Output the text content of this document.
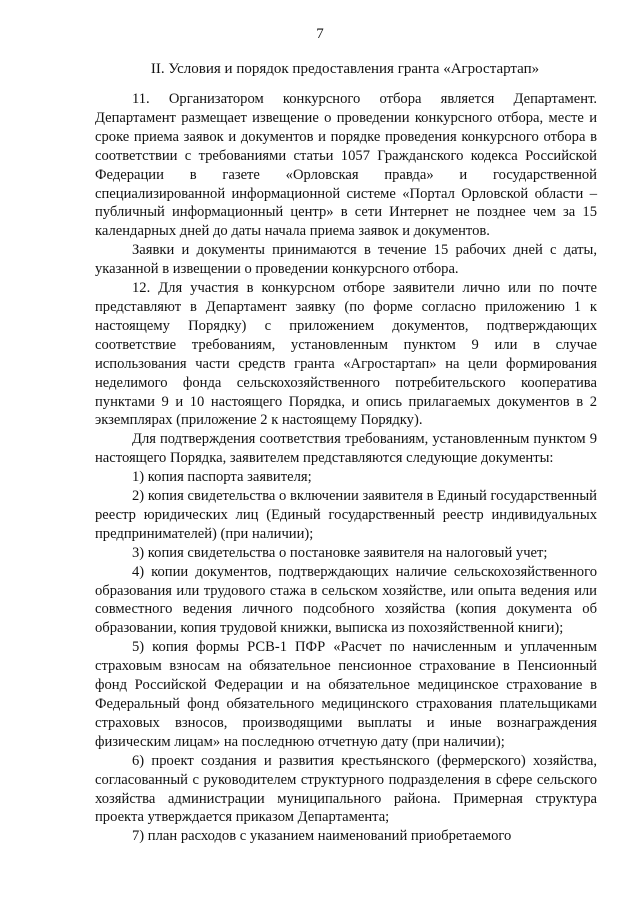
7
II. Условия и порядок предоставления гранта «Агростартап»

11. Организатором конкурсного отбора является Департамент. Департамент размещает извещение о проведении конкурсного отбора, месте и сроке приема заявок и документов и порядке проведения конкурсного отбора в соответствии с требованиями статьи 1057 Гражданского кодекса Российской Федерации в газете «Орловская правда» и государственной специализированной информационной системе «Портал Орловской области – публичный информационный центр» в сети Интернет не позднее чем за 15 календарных дней до даты начала приема заявок и документов.

Заявки и документы принимаются в течение 15 рабочих дней с даты, указанной в извещении о проведении конкурсного отбора.

12. Для участия в конкурсном отборе заявители лично или по почте представляют в Департамент заявку (по форме согласно приложению 1 к настоящему Порядку) с приложением документов, подтверждающих соответствие требованиям, установленным пунктом 9 или в случае использования части средств гранта «Агростартап» на цели формирования неделимого фонда сельскохозяйственного потребительского кооператива пунктами 9 и 10 настоящего Порядка, и опись прилагаемых документов в 2 экземплярах (приложение 2 к настоящему Порядку).

Для подтверждения соответствия требованиям, установленным пунктом 9 настоящего Порядка, заявителем представляются следующие документы:

1) копия паспорта заявителя;

2) копия свидетельства о включении заявителя в Единый государственный реестр юридических лиц (Единый государственный реестр индивидуальных предпринимателей) (при наличии);

3) копия свидетельства о постановке заявителя на налоговый учет;

4) копии документов, подтверждающих наличие сельскохозяйственного образования или трудового стажа в сельском хозяйстве, или опыта ведения или совместного ведения личного подсобного хозяйства (копия документа об образовании, копия трудовой книжки, выписка из похозяйственной книги);

5) копия формы РСВ-1 ПФР «Расчет по начисленным и уплаченным страховым взносам на обязательное пенсионное страхование в Пенсионный фонд Российской Федерации и на обязательное медицинское страхование в Федеральный фонд обязательного медицинского страхования плательщиками страховых взносов, производящими выплаты и иные вознаграждения физическим лицам» на последнюю отчетную дату (при наличии);

6) проект создания и развития крестьянского (фермерского) хозяйства, согласованный с руководителем структурного подразделения в сфере сельского хозяйства администрации муниципального района. Примерная структура проекта утверждается приказом Департамента;

7) план расходов с указанием наименований приобретаемого
